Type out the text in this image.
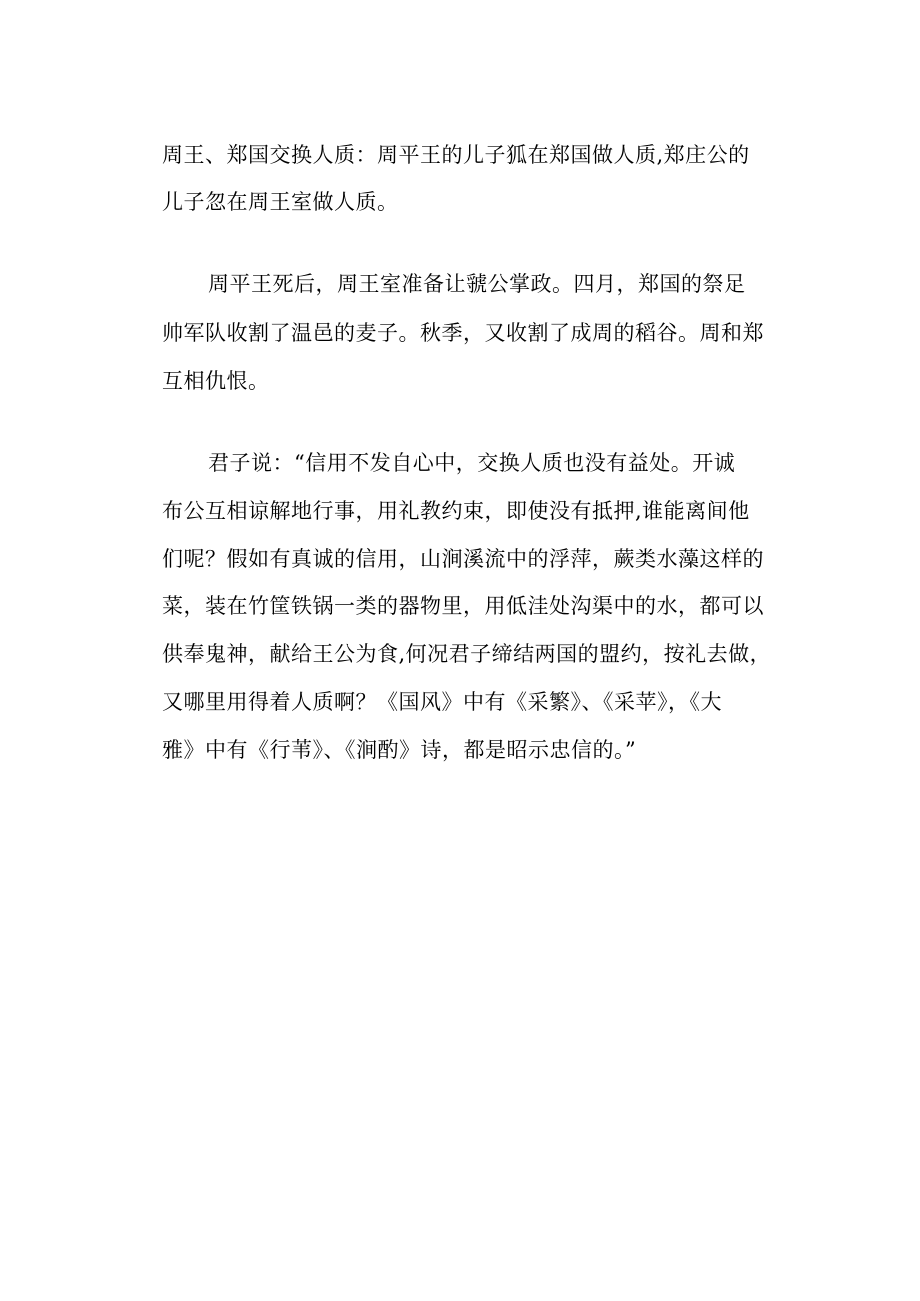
周王、郑国交换人质：周平王的儿子狐在郑国做人质,郑庄公的
儿子忽在周王室做人质。
周平王死后，周王室准备让虢公掌政。四月，郑国的祭足
帅军队收割了温邑的麦子。秋季，又收割了成周的稻谷。周和郑
互相仇恨。
君子说：“信用不发自心中，交换人质也没有益处。开诚
布公互相谅解地行事，用礼教约束，即使没有抵押,谁能离间他
们呢？假如有真诚的信用，山涧溪流中的浮萍，蕨类水藻这样的
菜，装在竹筐铁锅一类的器物里，用低洼处沟渠中的水，都可以
供奉鬼神，献给王公为食,何况君子缔结两国的盟约，按礼去做，
又哪里用得着人质啊？《国风》中有《采繁》、《采苹》，《大
雅》中有《行苇》、《涧酌》诗，都是昭示忠信的。”
